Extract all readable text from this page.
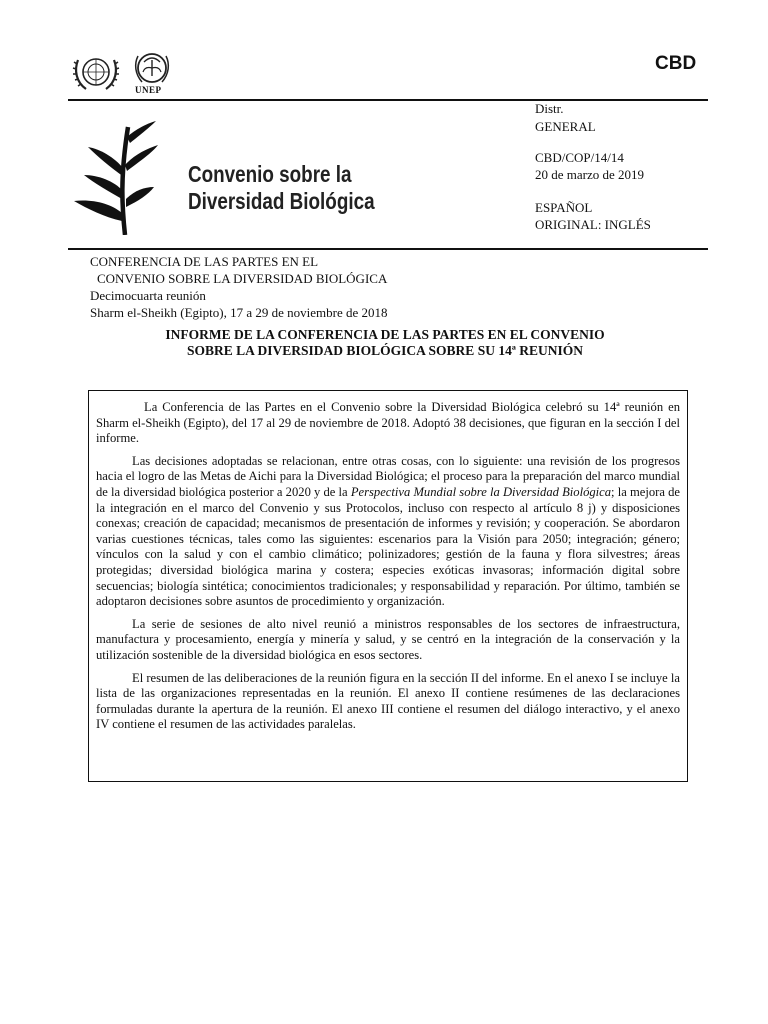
UNEP
CBD
Convenio sobre la
Diversidad Biológica
Distr.
GENERAL
CBD/COP/14/14
20 de marzo de 2019
ESPAÑOL
ORIGINAL: INGLÉS
CONFERENCIA DE LAS PARTES EN EL
CONVENIO SOBRE LA DIVERSIDAD BIOLÓGICA
Decimocuarta reunión
Sharm el-Sheikh (Egipto), 17 a 29 de noviembre de 2018
INFORME DE LA CONFERENCIA DE LAS PARTES EN EL CONVENIO
SOBRE LA DIVERSIDAD BIOLÓGICA SOBRE SU 14ª REUNIÓN

La Conferencia de las Partes en el Convenio sobre la Diversidad Biológica celebró su 14ª reunión en Sharm el-Sheikh (Egipto), del 17 al 29 de noviembre de 2018. Adoptó 38 decisiones, que figuran en la sección I del informe.

Las decisiones adoptadas se relacionan, entre otras cosas, con lo siguiente: una revisión de los progresos hacia el logro de las Metas de Aichi para la Diversidad Biológica; el proceso para la preparación del marco mundial de la diversidad biológica posterior a 2020 y de la Perspectiva Mundial sobre la Diversidad Biológica; la mejora de la integración en el marco del Convenio y sus Protocolos, incluso con respecto al artículo 8 j) y disposiciones conexas; creación de capacidad; mecanismos de presentación de informes y revisión; y cooperación. Se abordaron varias cuestiones técnicas, tales como las siguientes: escenarios para la Visión para 2050; integración; género; vínculos con la salud y con el cambio climático; polinizadores; gestión de la fauna y flora silvestres; áreas protegidas; diversidad biológica marina y costera; especies exóticas invasoras; información digital sobre secuencias; biología sintética; conocimientos tradicionales; y responsabilidad y reparación. Por último, también se adoptaron decisiones sobre asuntos de procedimiento y organización.

La serie de sesiones de alto nivel reunió a ministros responsables de los sectores de infraestructura, manufactura y procesamiento, energía y minería y salud, y se centró en la integración de la conservación y la utilización sostenible de la diversidad biológica en esos sectores.

El resumen de las deliberaciones de la reunión figura en la sección II del informe. En el anexo I se incluye la lista de las organizaciones representadas en la reunión. El anexo II contiene resúmenes de las declaraciones formuladas durante la apertura de la reunión. El anexo III contiene el resumen del diálogo interactivo, y el anexo IV contiene el resumen de las actividades paralelas.
